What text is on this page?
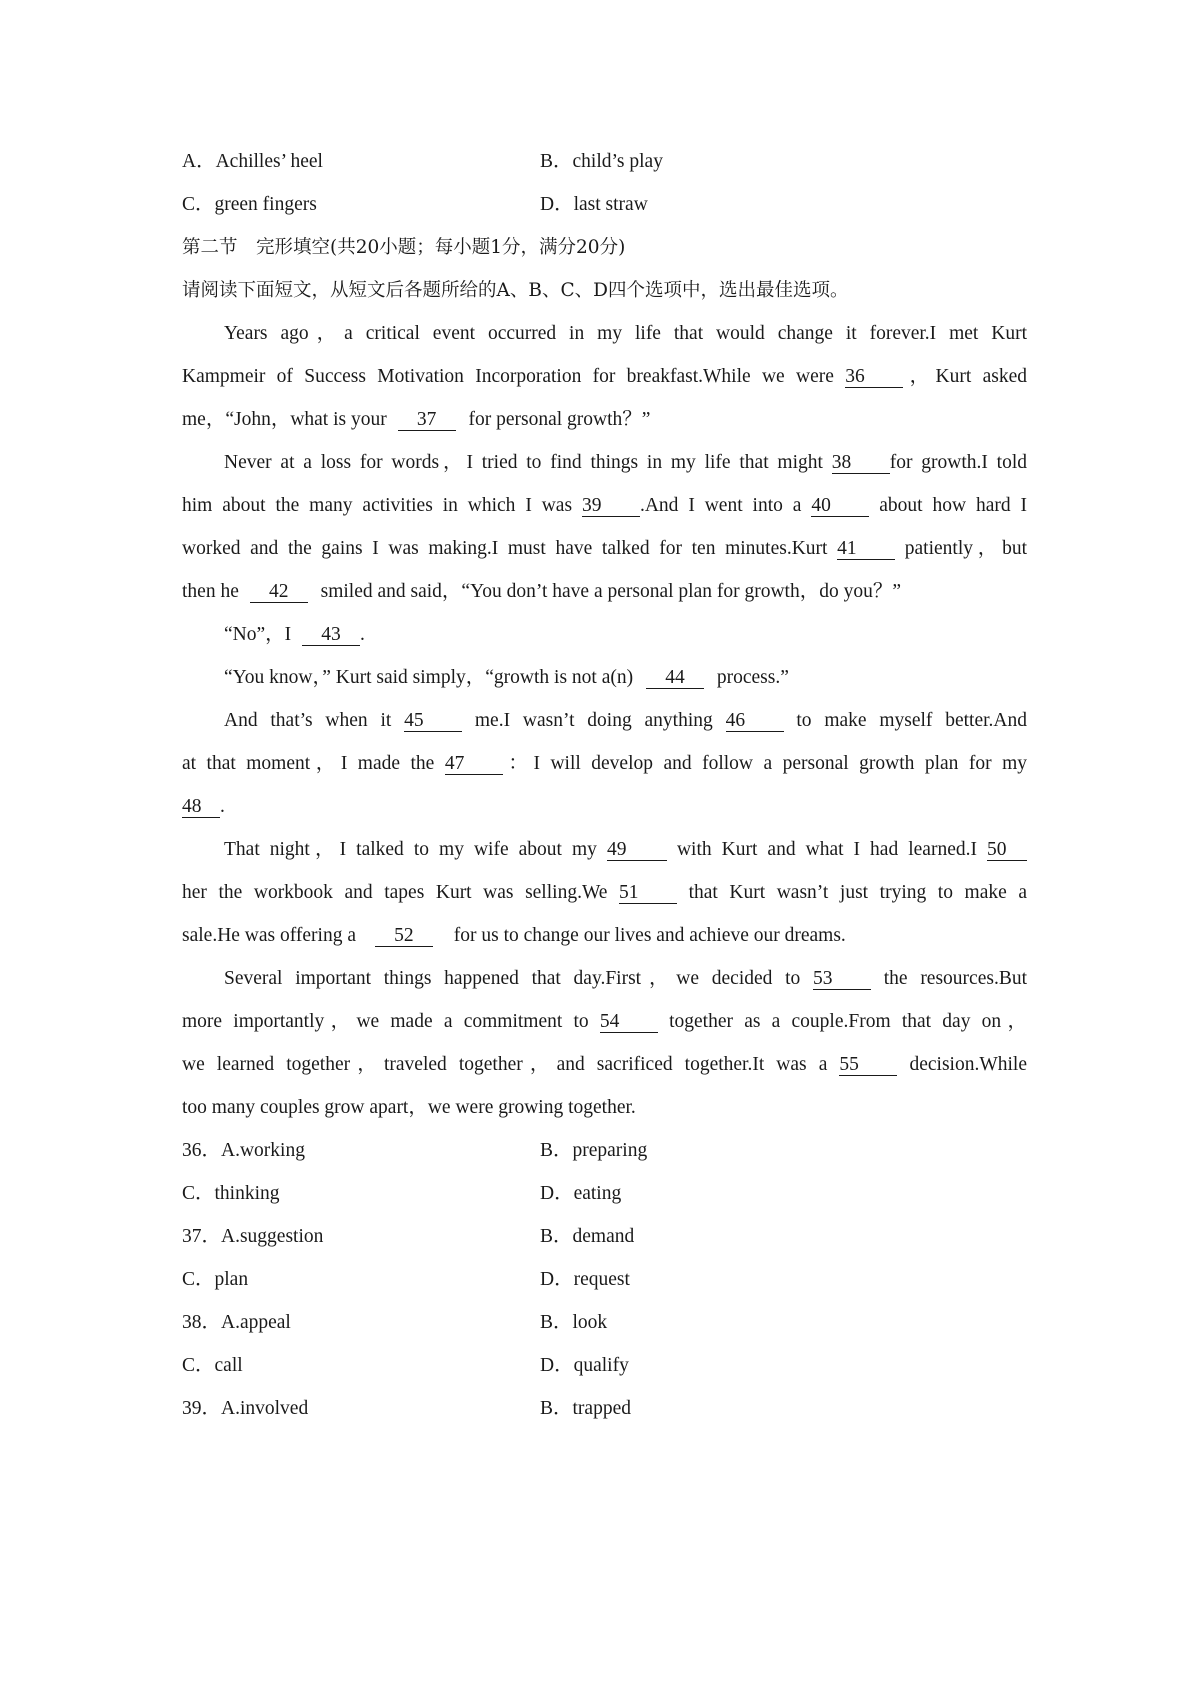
A．Achilles’ heel	B．child’s play
C．green fingers	D．last straw
第二节　完形填空(共20小题；每小题1分，满分20分)
请阅读下面短文，从短文后各题所给的A、B、C、D四个选项中，选出最佳选项。
Years ago，a critical event occurred in my life that would change it forever.I met Kurt
Kampmeir of Success Motivation Incorporation for breakfast.While we were 36 ，Kurt asked
me，“John，what is your 37 for personal growth？”
Never at a loss for words，I tried to find things in my life that might 38 for growth.I told
him about the many activities in which I was 39 .And I went into a 40 about how hard I
worked and the gains I was making.I must have talked for ten minutes.Kurt 41 patiently，but
then he 42 smiled and said，“You don’t have a personal plan for growth，do you？”
“No”，I 43 .
“You know，” Kurt said simply，“growth is not a(n) 44 process.”
And that’s when it 45	me.I wasn’t doing anything 46	to make myself better.And
at that moment，I made the 47 ：I will develop and follow a personal growth plan for my
48 .
That night，I talked to my wife about my 49	with Kurt and what I had learned.I 50
her the workbook and tapes Kurt was selling.We 51	that Kurt wasn’t just trying to make a
sale.He was offering a 52 for us to change our lives and achieve our dreams.
Several important things happened that day.First，we decided to 53	the resources.But
more importantly，we made a commitment to 54	together as a couple.From that day on，
we learned together，traveled together，and sacrificed together.It was a 55	decision.While
too many couples grow apart，we were growing together.
36．A.working	B．preparing
C．thinking	D．eating
37．A.suggestion	B．demand
C．plan	D．request
38．A.appeal	B．look
C．call	D．qualify
39．A.involved	B．trapped
